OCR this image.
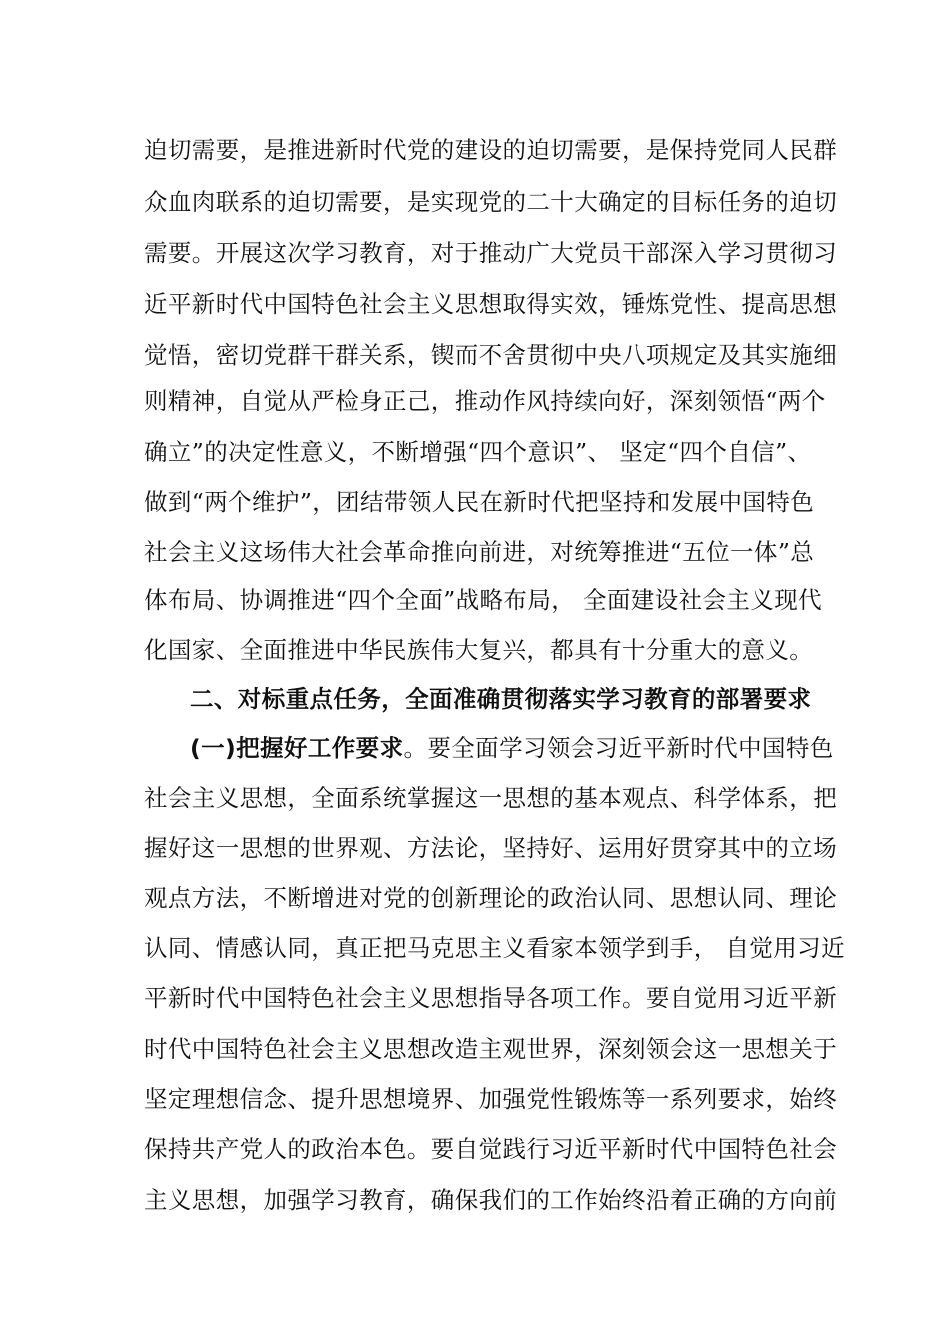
迫切需要，是推进新时代党的建设的迫切需要，是保持党同人民群
众血肉联系的迫切需要，是实现党的二十大确定的目标任务的迫切
需要。开展这次学习教育，对于推动广大党员干部深入学习贯彻习
近平新时代中国特色社会主义思想取得实效，锤炼党性、提高思想
觉悟，密切党群干群关系，锲而不舍贯彻中央八项规定及其实施细
则精神，自觉从严检身正己，推动作风持续向好，深刻领悟“两个
确立”的决定性意义，不断增强“四个意识”、 坚定“四个自信”、
做到“两个维护”，团结带领人民在新时代把坚持和发展中国特色
社会主义这场伟大社会革命推向前进，对统筹推进“五位一体”总
体布局、协调推进“四个全面”战略布局， 全面建设社会主义现代
化国家、全面推进中华民族伟大复兴，都具有十分重大的意义。
二、对标重点任务，全面准确贯彻落实学习教育的部署要求
(一)把握好工作要求。要全面学习领会习近平新时代中国特色
社会主义思想，全面系统掌握这一思想的基本观点、科学体系，把
握好这一思想的世界观、方法论，坚持好、运用好贯穿其中的立场
观点方法，不断增进对党的创新理论的政治认同、思想认同、理论
认同、情感认同，真正把马克思主义看家本领学到手， 自觉用习近
平新时代中国特色社会主义思想指导各项工作。要自觉用习近平新
时代中国特色社会主义思想改造主观世界，深刻领会这一思想关于
坚定理想信念、提升思想境界、加强党性锻炼等一系列要求，始终
保持共产党人的政治本色。要自觉践行习近平新时代中国特色社会
主义思想，加强学习教育，确保我们的工作始终沿着正确的方向前
